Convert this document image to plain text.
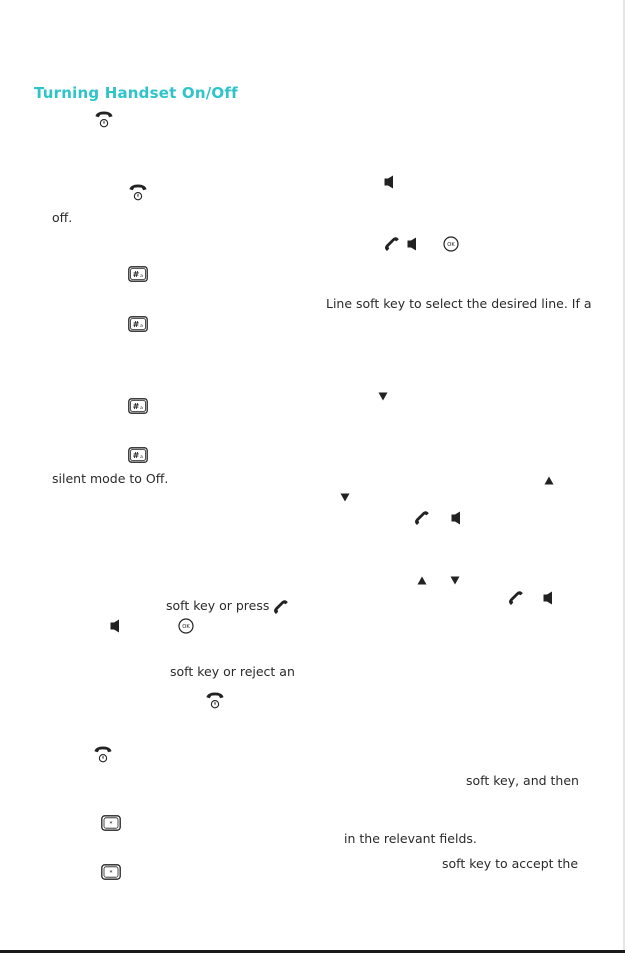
Turning Handset On/Off
off.
silent mode to Off.
soft key or press
soft key or reject an
Line soft key to select the desired line. If a
soft key, and then
in the relevant fields.
soft key to accept the
